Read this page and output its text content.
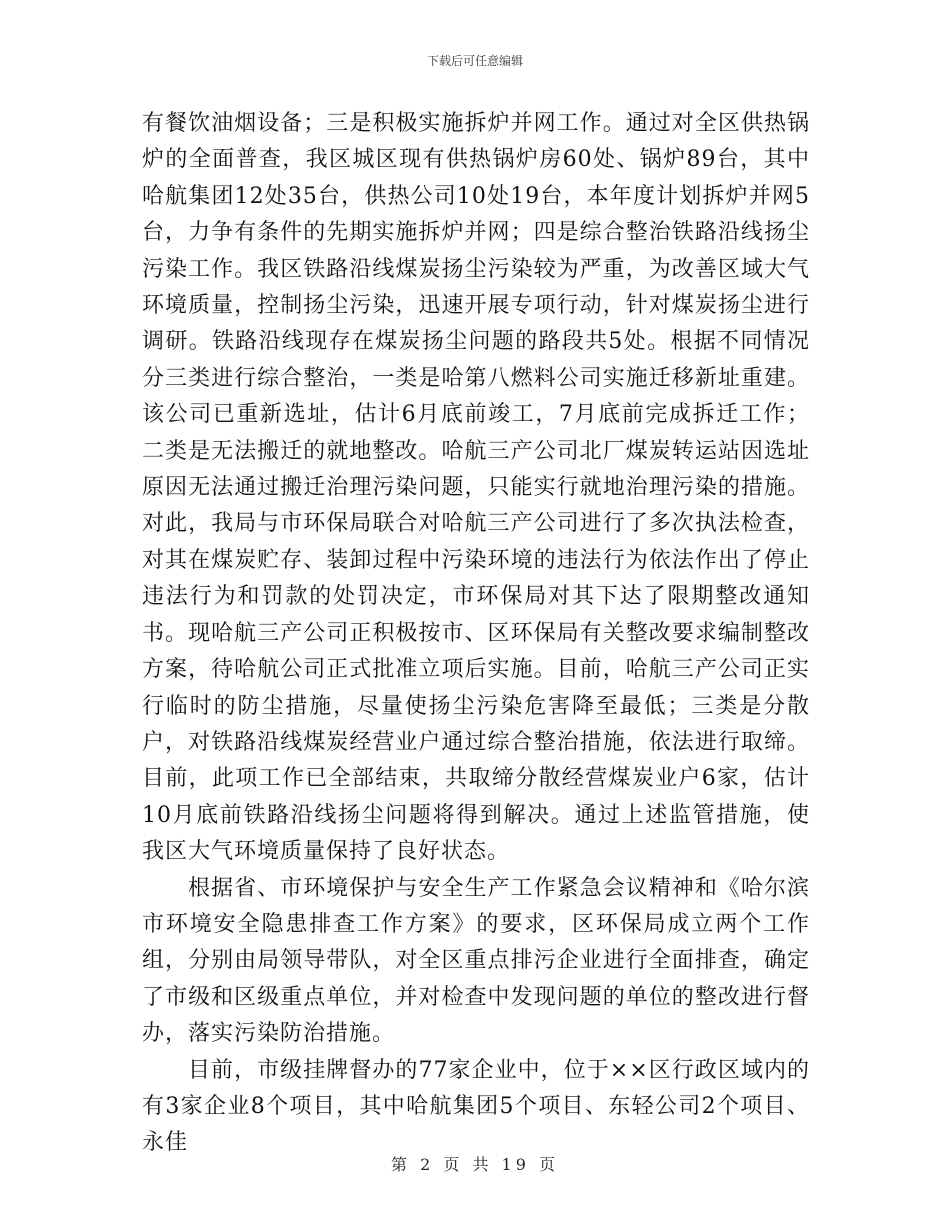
下载后可任意编辑

有餐饮油烟设备；三是积极实施拆炉并网工作。通过对全区供热锅炉的全面普查，我区城区现有供热锅炉房60处、锅炉89台，其中哈航集团12处35台，供热公司10处19台，本年度计划拆炉并网5台，力争有条件的先期实施拆炉并网；四是综合整治铁路沿线扬尘污染工作。我区铁路沿线煤炭扬尘污染较为严重，为改善区域大气环境质量，控制扬尘污染，迅速开展专项行动，针对煤炭扬尘进行调研。铁路沿线现存在煤炭扬尘问题的路段共5处。根据不同情况分三类进行综合整治，一类是哈第八燃料公司实施迁移新址重建。该公司已重新选址，估计6月底前竣工，7月底前完成拆迁工作；二类是无法搬迁的就地整改。哈航三产公司北厂煤炭转运站因选址原因无法通过搬迁治理污染问题，只能实行就地治理污染的措施。对此，我局与市环保局联合对哈航三产公司进行了多次执法检查，对其在煤炭贮存、装卸过程中污染环境的违法行为依法作出了停止违法行为和罚款的处罚决定，市环保局对其下达了限期整改通知书。现哈航三产公司正积极按市、区环保局有关整改要求编制整改方案，待哈航公司正式批准立项后实施。目前，哈航三产公司正实行临时的防尘措施，尽量使扬尘污染危害降至最低；三类是分散户，对铁路沿线煤炭经营业户通过综合整治措施，依法进行取缔。目前，此项工作已全部结束，共取缔分散经营煤炭业户6家，估计10月底前铁路沿线扬尘问题将得到解决。通过上述监管措施，使我区大气环境质量保持了良好状态。

根据省、市环境保护与安全生产工作紧急会议精神和《哈尔滨市环境安全隐患排查工作方案》的要求，区环保局成立两个工作组，分别由局领导带队，对全区重点排污企业进行全面排查，确定了市级和区级重点单位，并对检查中发现问题的单位的整改进行督办，落实污染防治措施。

目前，市级挂牌督办的77家企业中，位于××区行政区域内的有3家企业8个项目，其中哈航集团5个项目、东轻公司2个项目、永佳

第 2 页 共 19 页
